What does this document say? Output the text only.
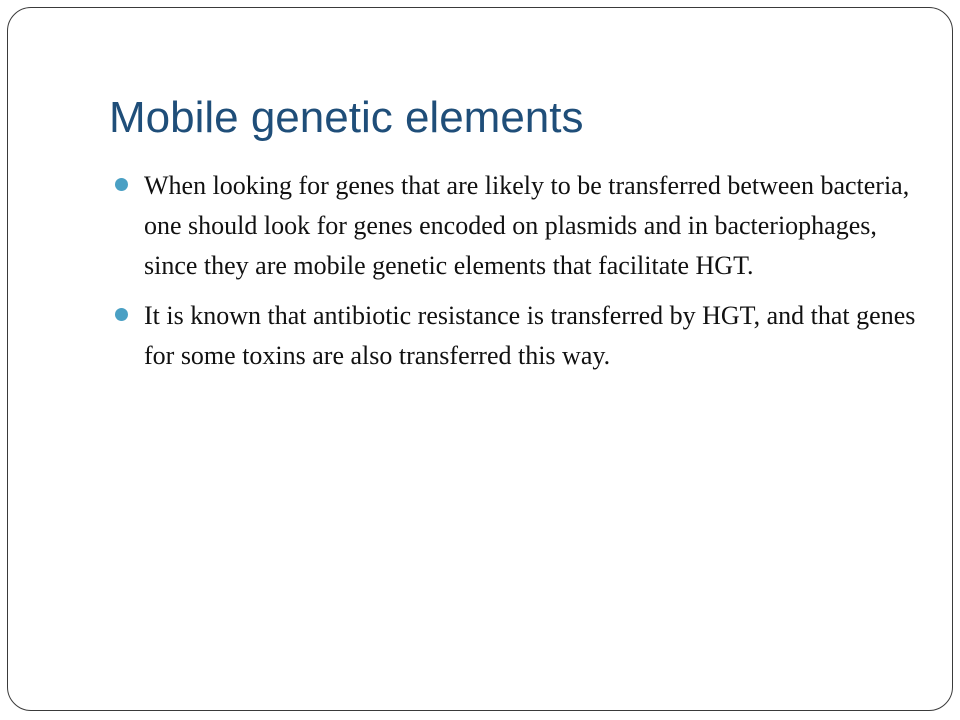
Mobile genetic elements
When looking for genes that are likely to be transferred between bacteria, one should look for genes encoded on plasmids and in bacteriophages, since they are mobile genetic elements that facilitate HGT.
It is known that antibiotic resistance is transferred by HGT, and that genes for some toxins are also transferred this way.
